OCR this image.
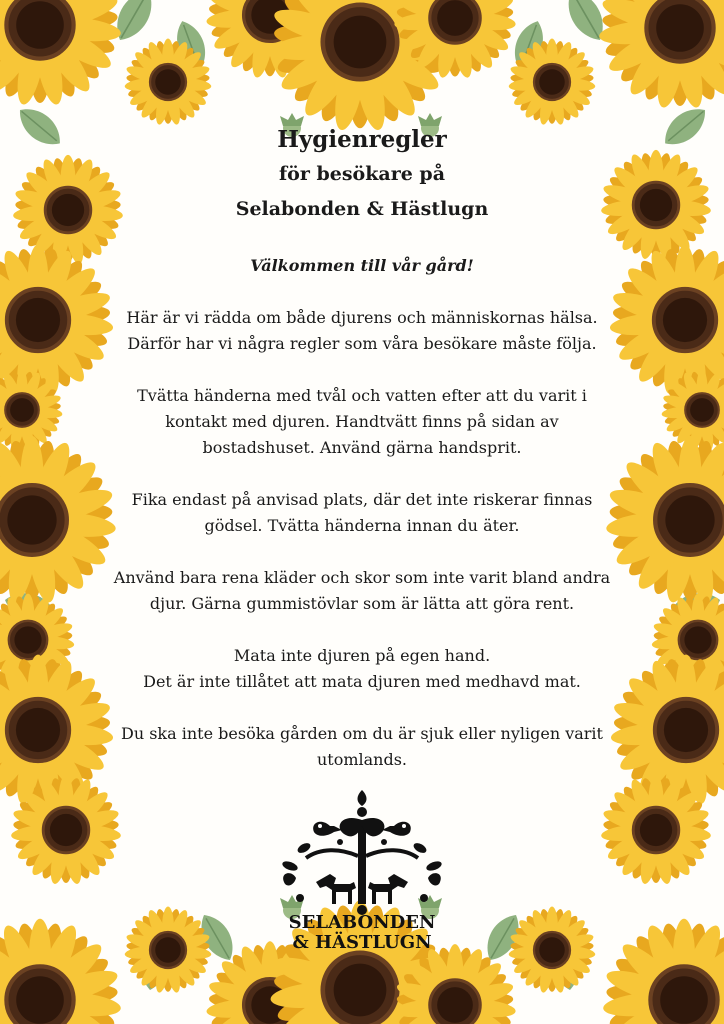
Hygienregler
för besökare på
Selabonden & Hästlugn

Välkommen till vår gård!

Här är vi rädda om både djurens och människornas hälsa.
Därför har vi några regler som våra besökare måste följa.

Tvätta händerna med tvål och vatten efter att du varit i
kontakt med djuren. Handtvätt finns på sidan av
bostadshuset. Använd gärna handsprit.

Fika endast på anvisad plats, där det inte riskerar finnas
gödsel. Tvätta händerna innan du äter.

Använd bara rena kläder och skor som inte varit bland andra
djur. Gärna gummistövlar som är lätta att göra rent.

Mata inte djuren på egen hand.
Det är inte tillåtet att mata djuren med medhavd mat.

Du ska inte besöka gården om du är sjuk eller nyligen varit
utomlands.

SELABONDEN
& HÄSTLUGN
